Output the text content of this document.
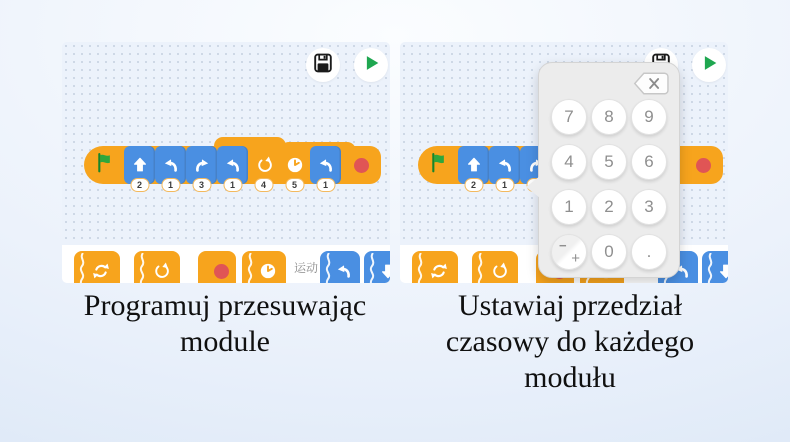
2	1	3	1	4	5	1
运动
2	1	3
7	8	9
4	5	6
1	2	3
−
+	0	.
Programuj przesuwając
module
Ustawiaj przedział
czasowy do każdego
modułu
